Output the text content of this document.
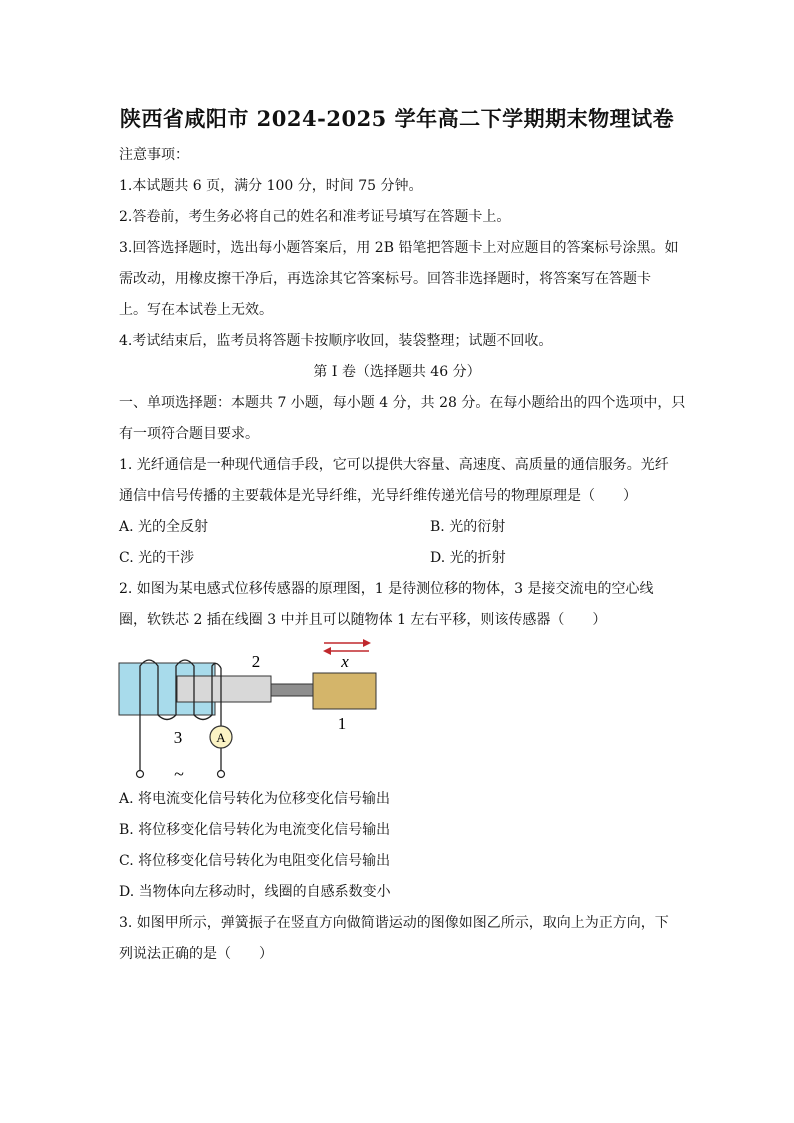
陕西省咸阳市 2024-2025 学年高二下学期期末物理试卷
注意事项：
1.本试题共 6 页，满分 100 分，时间 75 分钟。
2.答卷前，考生务必将自己的姓名和准考证号填写在答题卡上。
3.回答选择题时，选出每小题答案后，用 2B 铅笔把答题卡上对应题目的答案标号涂黑。如
需改动，用橡皮擦干净后，再选涂其它答案标号。回答非选择题时，将答案写在答题卡
上。写在本试卷上无效。
4.考试结束后，监考员将答题卡按顺序收回，装袋整理；试题不回收。
第 I 卷（选择题共 46 分）
一、单项选择题：本题共 7 小题，每小题 4 分，共 28 分。在每小题给出的四个选项中，只
有一项符合题目要求。
1. 光纤通信是一种现代通信手段，它可以提供大容量、高速度、高质量的通信服务。光纤
通信中信号传播的主要载体是光导纤维，光导纤维传递光信号的物理原理是（　　）
A. 光的全反射	B. 光的衍射
C. 光的干涉	D. 光的折射
2. 如图为某电感式位移传感器的原理图，1 是待测位移的物体，3 是接交流电的空心线
圈，软铁芯 2 插在线圈 3 中并且可以随物体 1 左右平移，则该传感器（　　）
x
A
~
2
1
3
A. 将电流变化信号转化为位移变化信号输出
B. 将位移变化信号转化为电流变化信号输出
C. 将位移变化信号转化为电阻变化信号输出
D. 当物体向左移动时，线圈的自感系数变小
3. 如图甲所示，弹簧振子在竖直方向做简谐运动的图像如图乙所示，取向上为正方向，下
列说法正确的是（　　）
